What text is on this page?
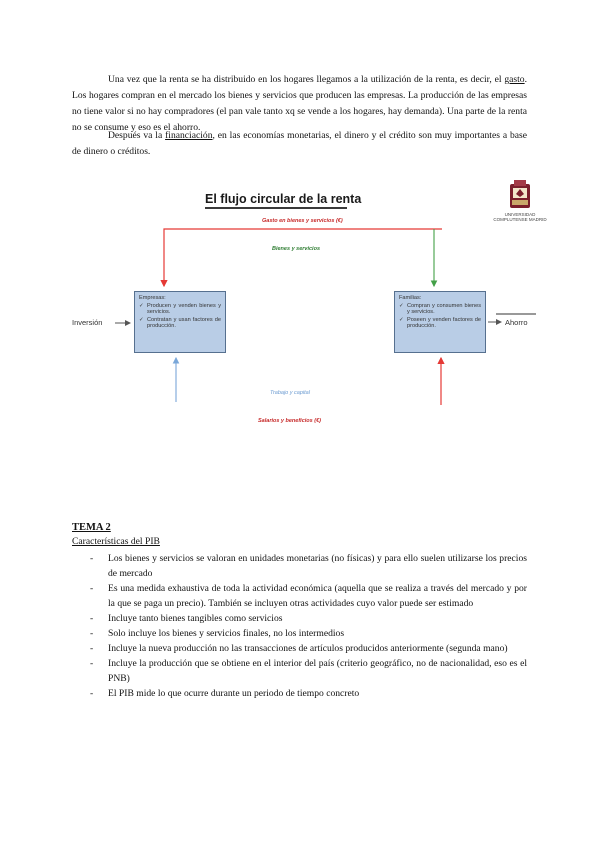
Una vez que la renta se ha distribuido en los hogares llegamos a la utilización de la renta, es decir, el gasto. Los hogares compran en el mercado los bienes y servicios que producen las empresas. La producción de las empresas no tiene valor si no hay compradores (el pan vale tanto xq se vende a los hogares, hay demanda). Una parte de la renta no se consume y eso es el ahorro.

Después va la financiación, en las economías monetarias, el dinero y el crédito son muy importantes a base de dinero o créditos.

El flujo circular de la renta
UNIVERSIDAD COMPLUTENSE MADRID
Gasto en bienes y servicios (€)
Bienes y servicios
Trabajo y capital
Salarios y beneficios (€)
Inversión	Ahorro
Empresas:
✓ Producen y venden bienes y servicios.
✓ Contratan y usan factores de producción.
Familias:
✓ Compran y consumen bienes y servicios.
✓ Poseen y venden factores de producción.

TEMA 2

Características del PIB

- Los bienes y servicios se valoran en unidades monetarias (no físicas) y para ello suelen utilizarse los precios de mercado
- Es una medida exhaustiva de toda la actividad económica (aquella que se realiza a través del mercado y por la que se paga un precio). También se incluyen otras actividades cuyo valor puede ser estimado
- Incluye tanto bienes tangibles como servicios
- Solo incluye los bienes y servicios finales, no los intermedios
- Incluye la nueva producción no las transacciones de artículos producidos anteriormente (segunda mano)
- Incluye la producción que se obtiene en el interior del país (criterio geográfico, no de nacionalidad, eso es el PNB)
- El PIB mide lo que ocurre durante un periodo de tiempo concreto
